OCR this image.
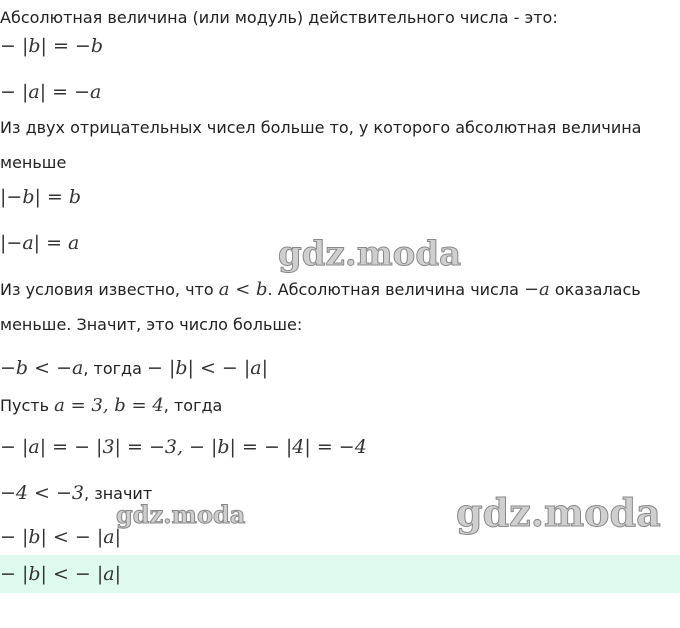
Абсолютная величина (или модуль) действительного числа - это:
− |b| = −b
− |a| = −a
Из двух отрицательных чисел больше то, у которого абсолютная величина
меньше
|−b| = b
|−a| = a
Из условия известно, что a < b. Абсолютная величина числа −a оказалась
меньше. Значит, это число больше:
−b < −a, тогда − |b| < − |a|
Пусть a = 3, b = 4, тогда
− |a| = − |3| = −3, − |b| = − |4| = −4
−4 < −3, значит
− |b| < − |a|
− |b| < − |a|
gdz.moda
gdz.moda	gdz.moda
